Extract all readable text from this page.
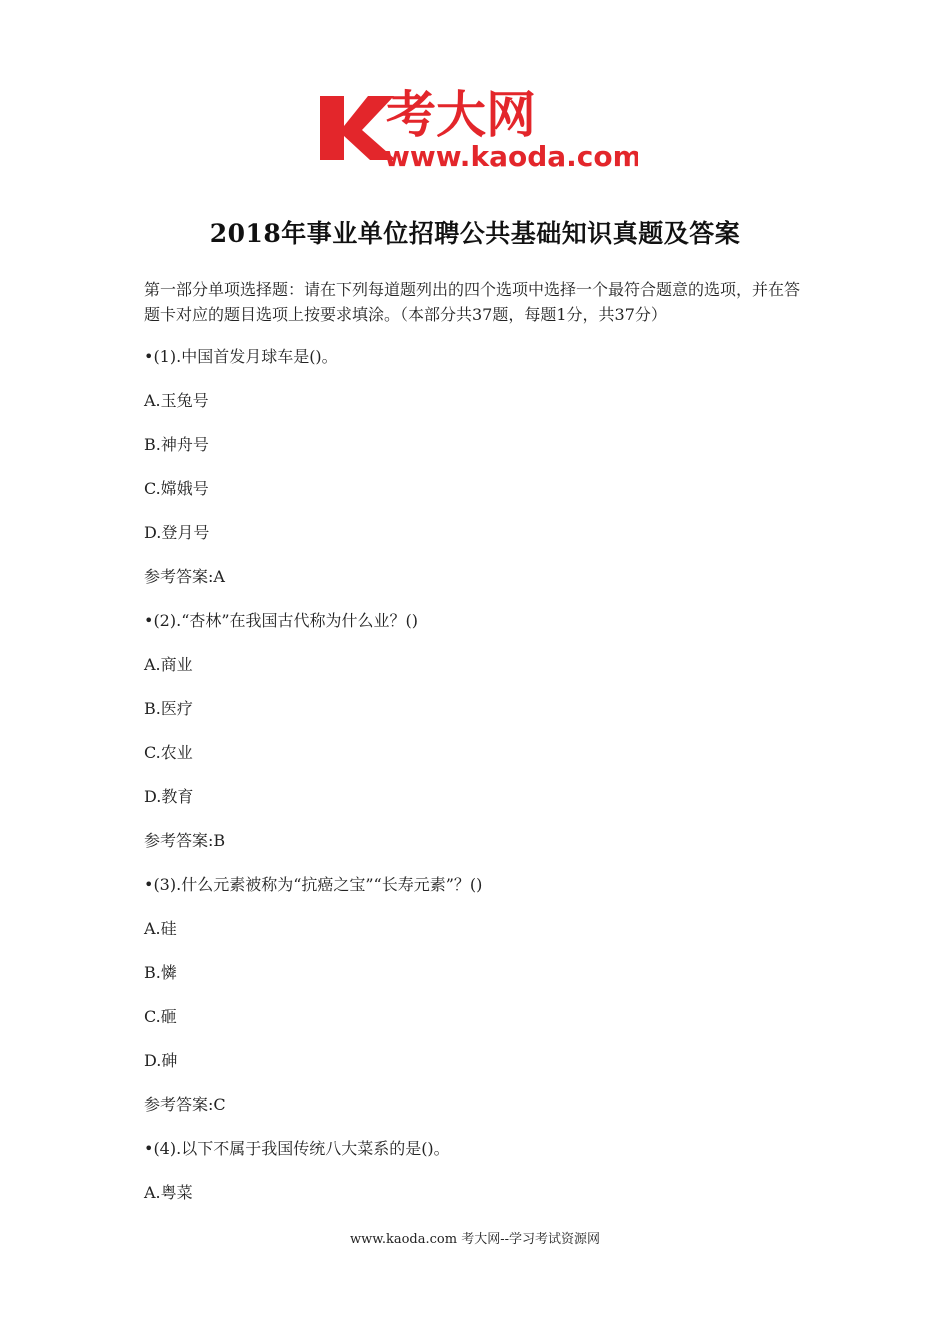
考大网
www.kaoda.com
2018年事业单位招聘公共基础知识真题及答案
第一部分单项选择题：请在下列每道题列出的四个选项中选择一个最符合题意的选项，并在答题卡对应的题目选项上按要求填涂。（本部分共37题，每题1分，共37分）
•(1).中国首发月球车是()。
A.玉兔号
B.神舟号
C.嫦娥号
D.登月号
参考答案:A
•(2).“杏林”在我国古代称为什么业？()
A.商业
B.医疗
C.农业
D.教育
参考答案:B
•(3).什么元素被称为“抗癌之宝”“长寿元素”？()
A.硅
B.憐
C.砸
D.砷
参考答案:C
•(4).以下不属于我国传统八大菜系的是()。
A.粤菜
www.kaoda.com 考大网--学习考试资源网
